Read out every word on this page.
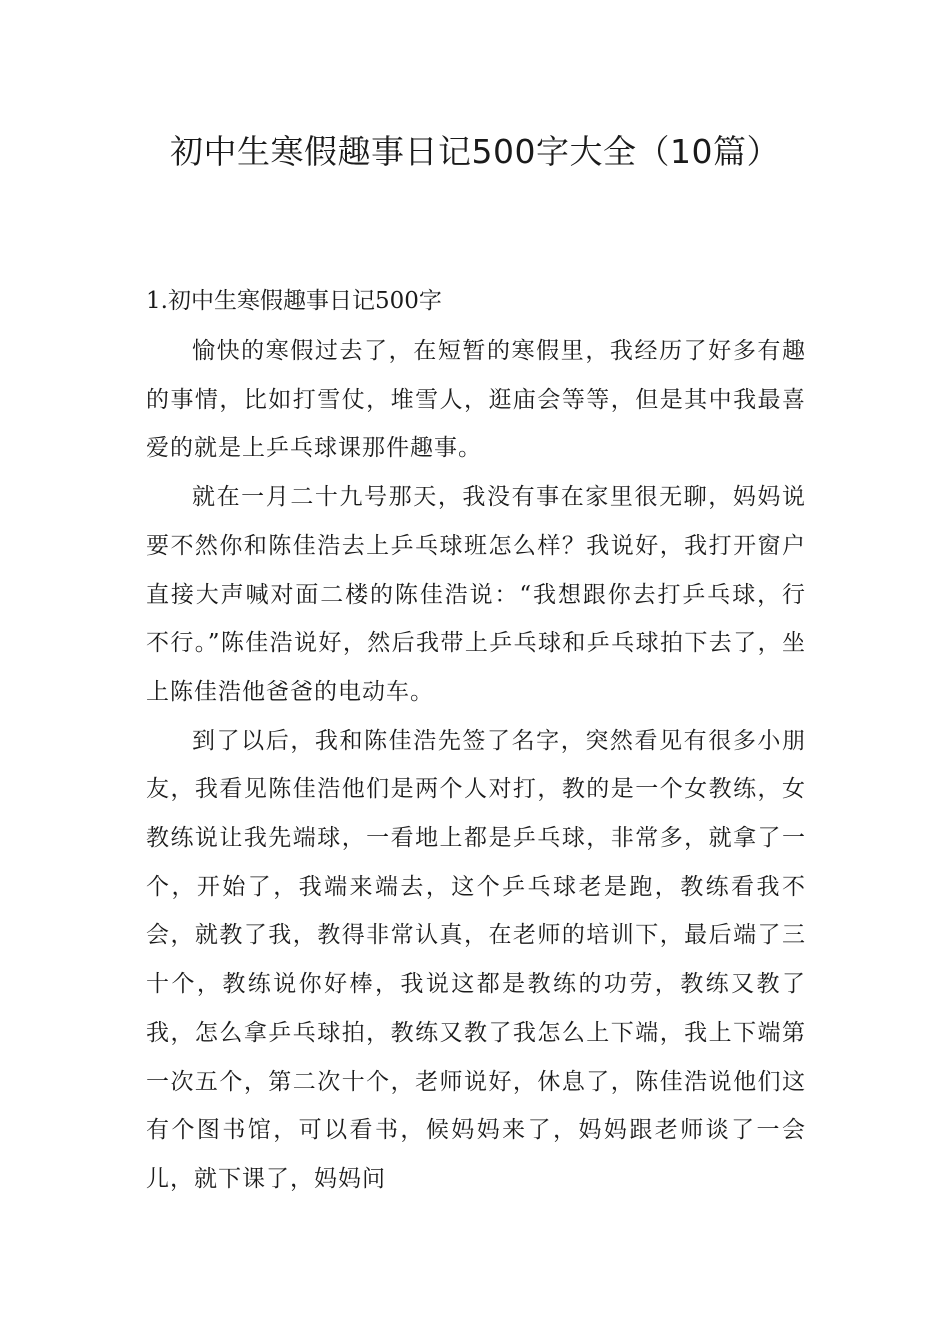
初中生寒假趣事日记500字大全（10篇）
1.初中生寒假趣事日记500字

愉快的寒假过去了，在短暂的寒假里，我经历了好多有趣的事情，比如打雪仗，堆雪人，逛庙会等等，但是其中我最喜爱的就是上乒乓球课那件趣事。

就在一月二十九号那天，我没有事在家里很无聊，妈妈说要不然你和陈佳浩去上乒乓球班怎么样？我说好，我打开窗户直接大声喊对面二楼的陈佳浩说：“我想跟你去打乒乓球，行不行。”陈佳浩说好，然后我带上乒乓球和乒乓球拍下去了，坐上陈佳浩他爸爸的电动车。

到了以后，我和陈佳浩先签了名字，突然看见有很多小朋友，我看见陈佳浩他们是两个人对打，教的是一个女教练，女教练说让我先端球，一看地上都是乒乓球，非常多，就拿了一个，开始了，我端来端去，这个乒乓球老是跑，教练看我不会，就教了我，教得非常认真，在老师的培训下，最后端了三十个，教练说你好棒，我说这都是教练的功劳，教练又教了我，怎么拿乒乓球拍，教练又教了我怎么上下端，我上下端第一次五个，第二次十个，老师说好，休息了，陈佳浩说他们这有个图书馆，可以看书，候妈妈来了，妈妈跟老师谈了一会儿，就下课了，妈妈问
